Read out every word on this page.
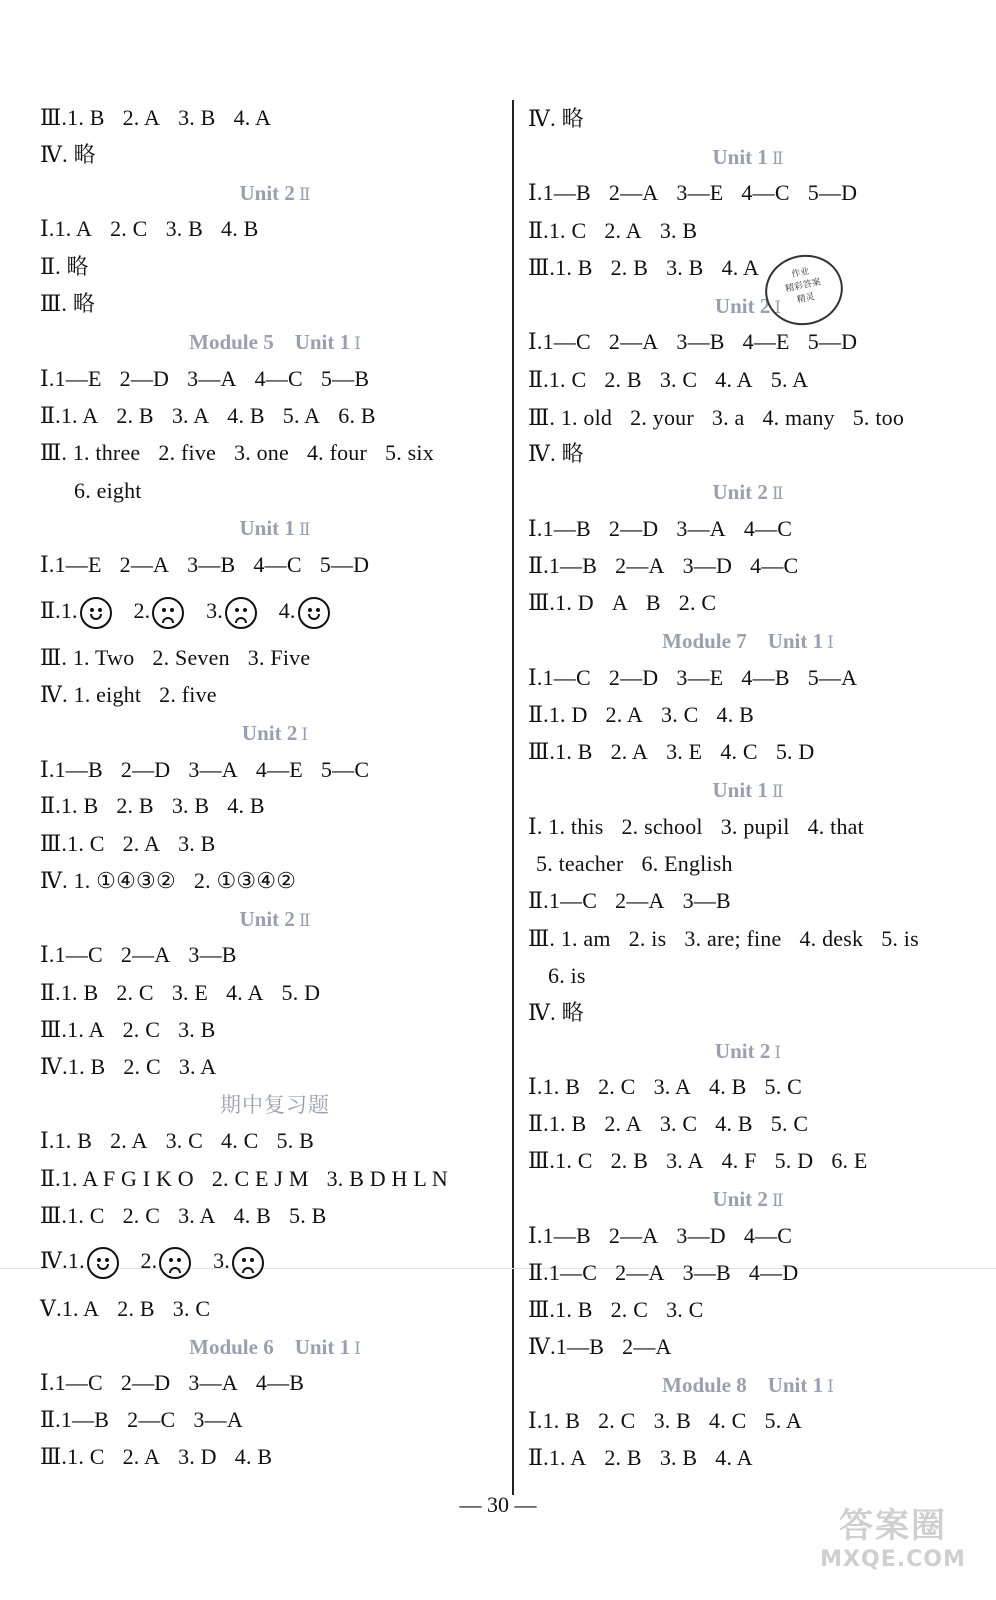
Ⅲ.1. B 2. A 3. B 4. A
Ⅳ. 略
Unit 2 Ⅱ
Ⅰ.1. A 2. C 3. B 4. B
Ⅱ. 略
Ⅲ. 略
Module 5　Unit 1 Ⅰ
Ⅰ.1—E 2—D 3—A 4—C 5—B
Ⅱ.1. A 2. B 3. A 4. B 5. A 6. B
Ⅲ. 1. three 2. five 3. one 4. four 5. six
6. eight
Unit 1 Ⅱ
Ⅰ.1—E 2—A 3—B 4—C 5—D
Ⅱ.1.	2.	3.	4.
Ⅲ. 1. Two 2. Seven 3. Five
Ⅳ. 1. eight 2. five
Unit 2 Ⅰ
Ⅰ.1—B 2—D 3—A 4—E 5—C
Ⅱ.1. B 2. B 3. B 4. B
Ⅲ.1. C 2. A 3. B
Ⅳ. 1. ①④③② 2. ①③④②
Unit 2 Ⅱ
Ⅰ.1—C 2—A 3—B
Ⅱ.1. B 2. C 3. E 4. A 5. D
Ⅲ.1. A 2. C 3. B
Ⅳ.1. B 2. C 3. A
期中复习题
Ⅰ.1. B 2. A 3. C 4. C 5. B
Ⅱ.1. A F G I K O 2. C E J M 3. B D H L N
Ⅲ.1. C 2. C 3. A 4. B 5. B
Ⅳ.1.	2.	3.
Ⅴ.1. A 2. B 3. C
Module 6　Unit 1 Ⅰ
Ⅰ.1—C 2—D 3—A 4—B
Ⅱ.1—B 2—C 3—A
Ⅲ.1. C 2. A 3. D 4. B
Ⅳ. 略
Unit 1 Ⅱ
Ⅰ.1—B 2—A 3—E 4—C 5—D
Ⅱ.1. C 2. A 3. B
Ⅲ.1. B 2. B 3. B 4. A
Unit 2 Ⅰ
Ⅰ.1—C 2—A 3—B 4—E 5—D
Ⅱ.1. C 2. B 3. C 4. A 5. A
Ⅲ. 1. old 2. your 3. a 4. many 5. too
Ⅳ. 略
Unit 2 Ⅱ
Ⅰ.1—B 2—D 3—A 4—C
Ⅱ.1—B 2—A 3—D 4—C
Ⅲ.1. D A B 2. C
Module 7　Unit 1 Ⅰ
Ⅰ.1—C 2—D 3—E 4—B 5—A
Ⅱ.1. D 2. A 3. C 4. B
Ⅲ.1. B 2. A 3. E 4. C 5. D
Unit 1 Ⅱ
Ⅰ. 1. this 2. school 3. pupil 4. that
5. teacher 6. English
Ⅱ.1—C 2—A 3—B
Ⅲ. 1. am 2. is 3. are; fine 4. desk 5. is
6. is
Ⅳ. 略
Unit 2 Ⅰ
Ⅰ.1. B 2. C 3. A 4. B 5. C
Ⅱ.1. B 2. A 3. C 4. B 5. C
Ⅲ.1. C 2. B 3. A 4. F 5. D 6. E
Unit 2 Ⅱ
Ⅰ.1—B 2—A 3—D 4—C
Ⅱ.1—C 2—A 3—B 4—D
Ⅲ.1. B 2. C 3. C
Ⅳ.1—B 2—A
Module 8　Unit 1 Ⅰ
Ⅰ.1. B 2. C 3. B 4. C 5. A
Ⅱ.1. A 2. B 3. B 4. A
作业
精彩答案
精灵
— 30 —
答案圈
MXQE.COM
